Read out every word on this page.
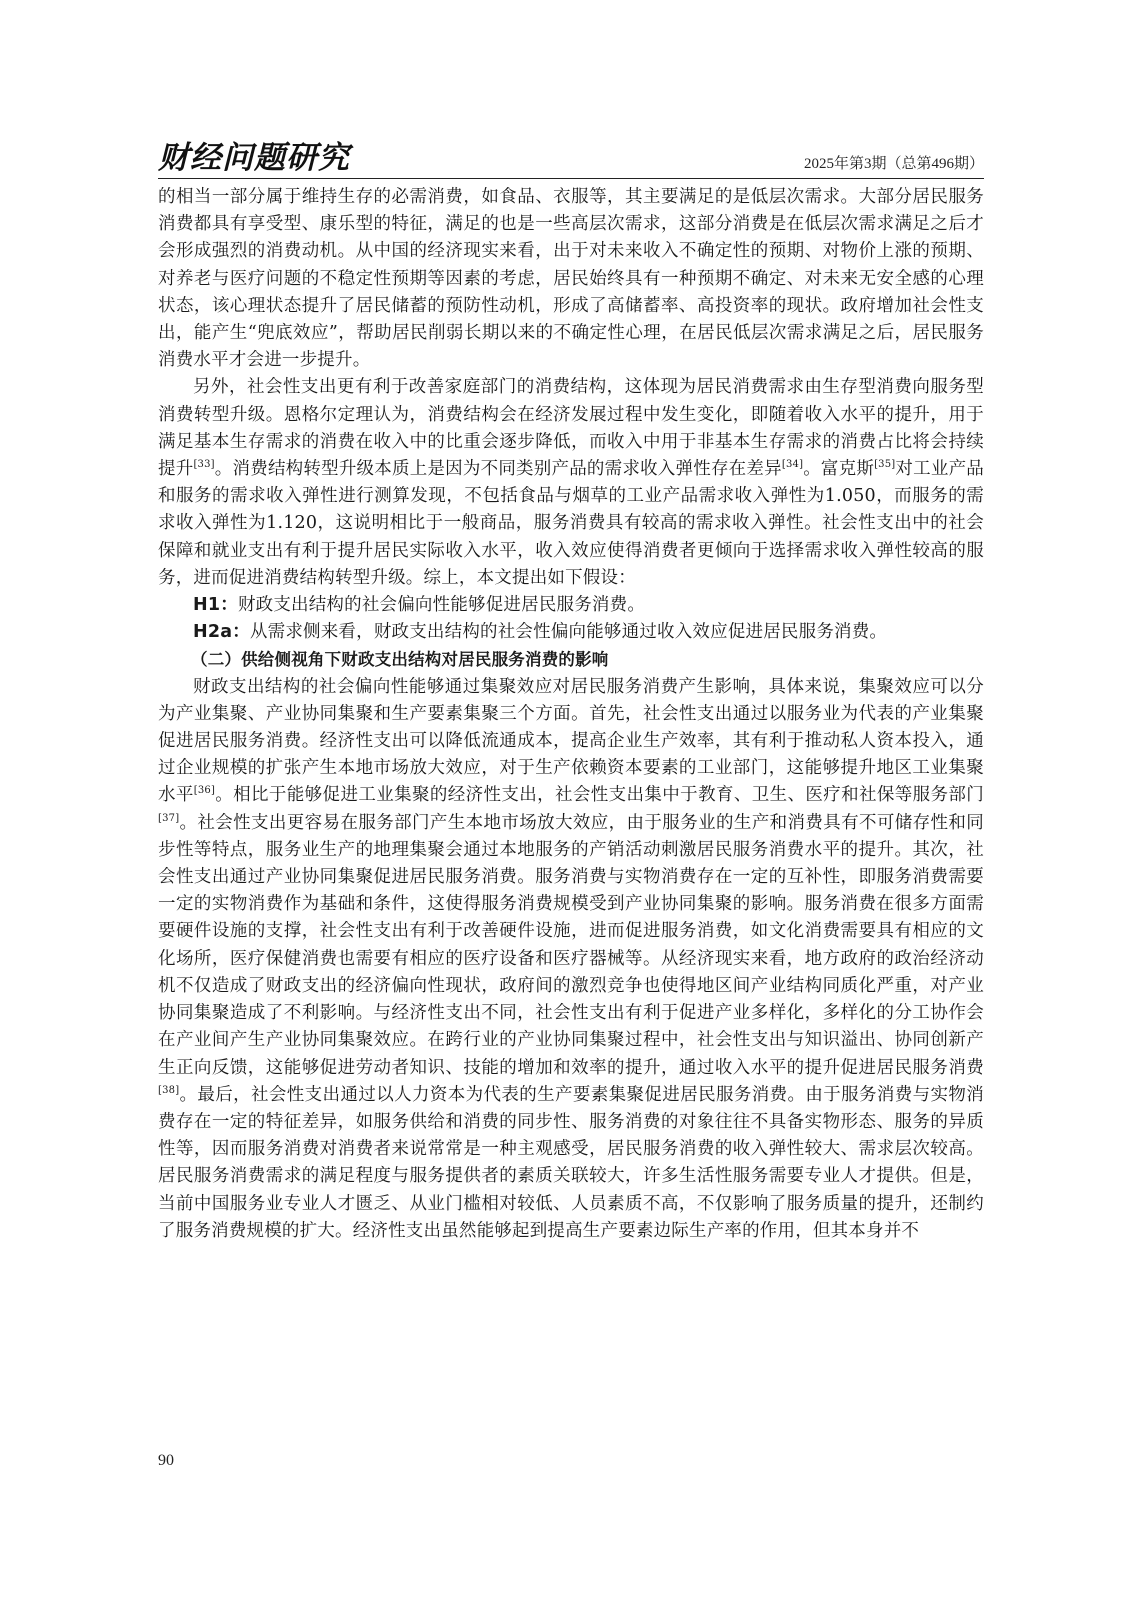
财经问题研究	2025年第3期（总第496期）

的相当一部分属于维持生存的必需消费，如食品、衣服等，其主要满足的是低层次需求。大部分居民服务消费都具有享受型、康乐型的特征，满足的也是一些高层次需求，这部分消费是在低层次需求满足之后才会形成强烈的消费动机。从中国的经济现实来看，出于对未来收入不确定性的预期、对物价上涨的预期、对养老与医疗问题的不稳定性预期等因素的考虑，居民始终具有一种预期不确定、对未来无安全感的心理状态，该心理状态提升了居民储蓄的预防性动机，形成了高储蓄率、高投资率的现状。政府增加社会性支出，能产生“兜底效应”，帮助居民削弱长期以来的不确定性心理，在居民低层次需求满足之后，居民服务消费水平才会进一步提升。

另外，社会性支出更有利于改善家庭部门的消费结构，这体现为居民消费需求由生存型消费向服务型消费转型升级。恩格尔定理认为，消费结构会在经济发展过程中发生变化，即随着收入水平的提升，用于满足基本生存需求的消费在收入中的比重会逐步降低，而收入中用于非基本生存需求的消费占比将会持续提升[33]。消费结构转型升级本质上是因为不同类别产品的需求收入弹性存在差异[34]。富克斯[35]对工业产品和服务的需求收入弹性进行测算发现，不包括食品与烟草的工业产品需求收入弹性为1.050，而服务的需求收入弹性为1.120，这说明相比于一般商品，服务消费具有较高的需求收入弹性。社会性支出中的社会保障和就业支出有利于提升居民实际收入水平，收入效应使得消费者更倾向于选择需求收入弹性较高的服务，进而促进消费结构转型升级。综上，本文提出如下假设：

H1：财政支出结构的社会偏向性能够促进居民服务消费。

H2a：从需求侧来看，财政支出结构的社会性偏向能够通过收入效应促进居民服务消费。

（二）供给侧视角下财政支出结构对居民服务消费的影响

财政支出结构的社会偏向性能够通过集聚效应对居民服务消费产生影响，具体来说，集聚效应可以分为产业集聚、产业协同集聚和生产要素集聚三个方面。首先，社会性支出通过以服务业为代表的产业集聚促进居民服务消费。经济性支出可以降低流通成本，提高企业生产效率，其有利于推动私人资本投入，通过企业规模的扩张产生本地市场放大效应，对于生产依赖资本要素的工业部门，这能够提升地区工业集聚水平[36]。相比于能够促进工业集聚的经济性支出，社会性支出集中于教育、卫生、医疗和社保等服务部门[37]。社会性支出更容易在服务部门产生本地市场放大效应，由于服务业的生产和消费具有不可储存性和同步性等特点，服务业生产的地理集聚会通过本地服务的产销活动刺激居民服务消费水平的提升。其次，社会性支出通过产业协同集聚促进居民服务消费。服务消费与实物消费存在一定的互补性，即服务消费需要一定的实物消费作为基础和条件，这使得服务消费规模受到产业协同集聚的影响。服务消费在很多方面需要硬件设施的支撑，社会性支出有利于改善硬件设施，进而促进服务消费，如文化消费需要具有相应的文化场所，医疗保健消费也需要有相应的医疗设备和医疗器械等。从经济现实来看，地方政府的政治经济动机不仅造成了财政支出的经济偏向性现状，政府间的激烈竞争也使得地区间产业结构同质化严重，对产业协同集聚造成了不利影响。与经济性支出不同，社会性支出有利于促进产业多样化，多样化的分工协作会在产业间产生产业协同集聚效应。在跨行业的产业协同集聚过程中，社会性支出与知识溢出、协同创新产生正向反馈，这能够促进劳动者知识、技能的增加和效率的提升，通过收入水平的提升促进居民服务消费[38]。最后，社会性支出通过以人力资本为代表的生产要素集聚促进居民服务消费。由于服务消费与实物消费存在一定的特征差异，如服务供给和消费的同步性、服务消费的对象往往不具备实物形态、服务的异质性等，因而服务消费对消费者来说常常是一种主观感受，居民服务消费的收入弹性较大、需求层次较高。居民服务消费需求的满足程度与服务提供者的素质关联较大，许多生活性服务需要专业人才提供。但是，当前中国服务业专业人才匮乏、从业门槛相对较低、人员素质不高，不仅影响了服务质量的提升，还制约了服务消费规模的扩大。经济性支出虽然能够起到提高生产要素边际生产率的作用，但其本身并不

90
